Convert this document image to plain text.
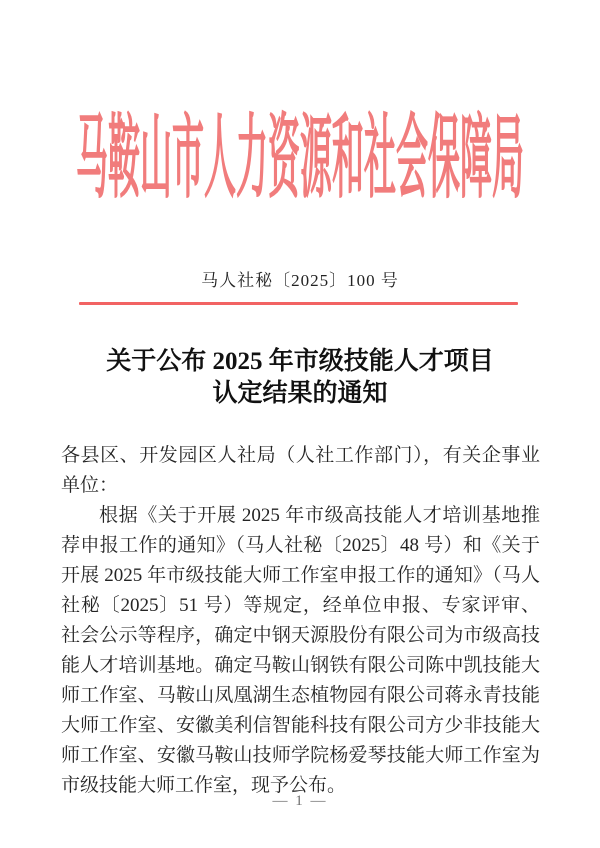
马鞍山市人力资源和社会保障局
马人社秘〔2025〕100 号
关于公布 2025 年市级技能人才项目
认定结果的通知

各县区、开发园区人社局（人社工作部门），有关企事业单位：

根据《关于开展 2025 年市级高技能人才培训基地推荐申报工作的通知》（马人社秘〔2025〕48 号）和《关于开展 2025 年市级技能大师工作室申报工作的通知》（马人社秘〔2025〕51 号）等规定，经单位申报、专家评审、社会公示等程序，确定中钢天源股份有限公司为市级高技能人才培训基地。确定马鞍山钢铁有限公司陈中凯技能大师工作室、马鞍山凤凰湖生态植物园有限公司蒋永青技能大师工作室、安徽美利信智能科技有限公司方少非技能大师工作室、安徽马鞍山技师学院杨爱琴技能大师工作室为市级技能大师工作室，现予公布。

— 1 —
